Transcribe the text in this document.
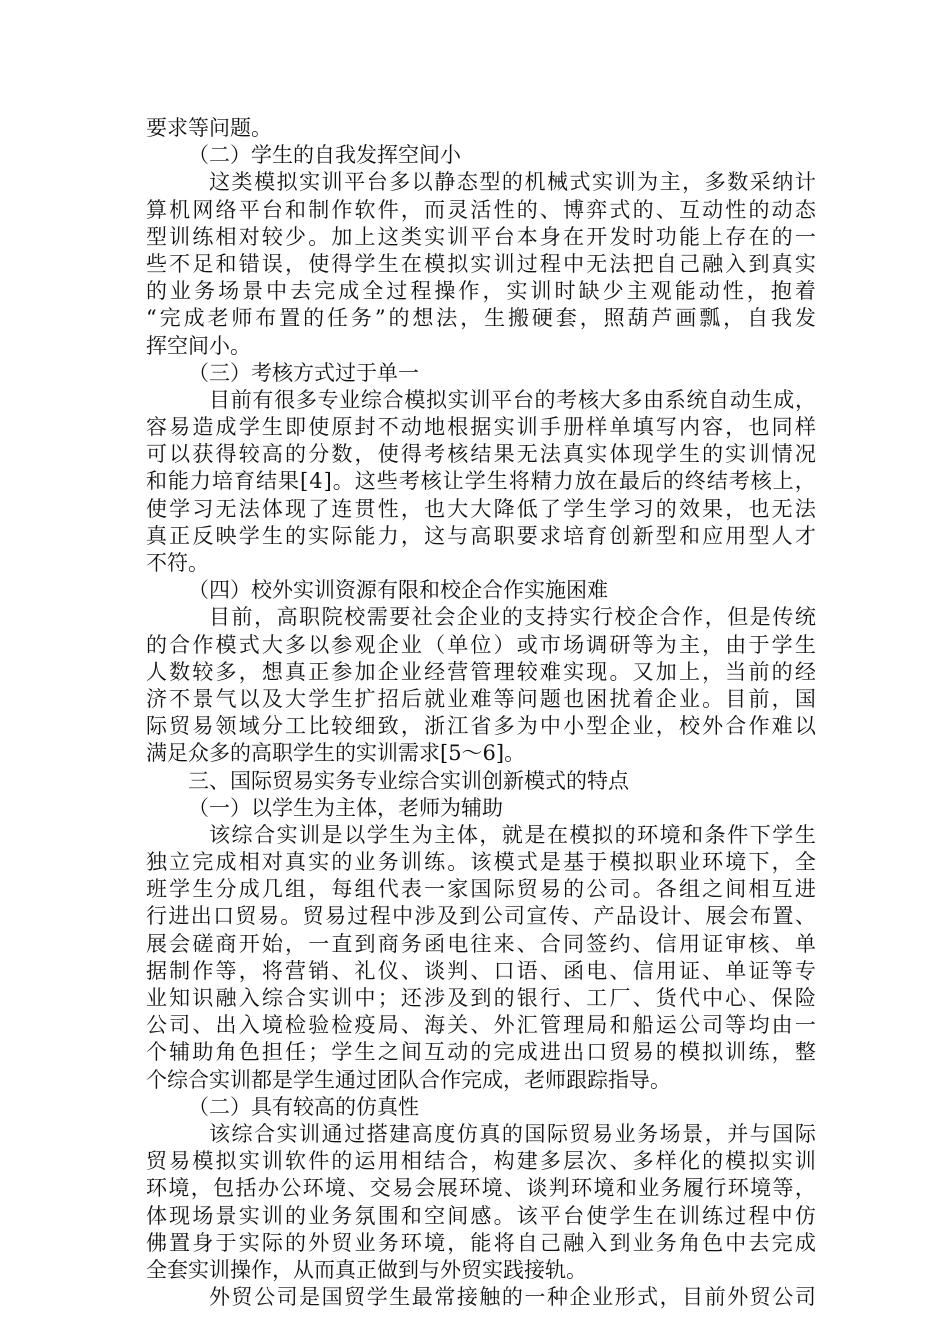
要求等问题。
（二）学生的自我发挥空间小
这 类 模 拟 实 训 平 台 多 以 静 态 型 的 机 械 式 实 训 为 主 ， 多 数 采 纳 计
算 机 网 络 平 台 和 制 作 软 件 ， 而 灵 活 性 的 、 博 弈 式 的 、 互 动 性 的 动 态
型 训 练 相 对 较 少 。 加 上 这 类 实 训 平 台 本 身 在 开 发 时 功 能 上 存 在 的 一
些 不 足 和 错 误 ， 使 得 学 生 在 模 拟 实 训 过 程 中 无 法 把 自 己 融 入 到 真 实
的 业 务 场 景 中 去 完 成 全 过 程 操 作 ， 实 训 时 缺 少 主 观 能 动 性 ， 抱 着
“ 完 成 老 师 布 置 的 任 务 ” 的 想 法 ， 生 搬 硬 套 ， 照 葫 芦 画 瓢 ， 自 我 发
挥空间小。
（三）考核方式过于单一
目 前 有 很 多 专 业 综 合 模 拟 实 训 平 台 的 考 核 大 多 由 系 统 自 动 生 成 ，
容 易 造 成 学 生 即 使 原 封 不 动 地 根 据 实 训 手 册 样 单 填 写 内 容 ， 也 同 样
可 以 获 得 较 高 的 分 数 ， 使 得 考 核 结 果 无 法 真 实 体 现 学 生 的 实 训 情 况
和 能 力 培 育 结 果 [ 4 ] 。 这 些 考 核 让 学 生 将 精 力 放 在 最 后 的 终 结 考 核 上 ，
使 学 习 无 法 体 现 了 连 贯 性 ， 也 大 大 降 低 了 学 生 学 习 的 效 果 ， 也 无 法
真 正 反 映 学 生 的 实 际 能 力 ， 这 与 高 职 要 求 培 育 创 新 型 和 应 用 型 人 才
不符。
（四）校外实训资源有限和校企合作实施困难
目 前 ， 高 职 院 校 需 要 社 会 企 业 的 支 持 实 行 校 企 合 作 ， 但 是 传 统
的 合 作 模 式 大 多 以 参 观 企 业 （ 单 位 ） 或 市 场 调 研 等 为 主 ， 由 于 学 生
人 数 较 多 ， 想 真 正 参 加 企 业 经 营 管 理 较 难 实 现 。 又 加 上 ， 当 前 的 经
济 不 景 气 以 及 大 学 生 扩 招 后 就 业 难 等 问 题 也 困 扰 着 企 业 。 目 前 ， 国
际 贸 易 领 域 分 工 比 较 细 致 ， 浙 江 省 多 为 中 小 型 企 业 ， 校 外 合 作 难 以
满足众多的高职学生的实训需求[5～6]。
三、国际贸易实务专业综合实训创新模式的特点
（一）以学生为主体，老师为辅助
该 综 合 实 训 是 以 学 生 为 主 体 ， 就 是 在 模 拟 的 环 境 和 条 件 下 学 生
独 立 完 成 相 对 真 实 的 业 务 训 练 。 该 模 式 是 基 于 模 拟 职 业 环 境 下 ， 全
班 学 生 分 成 几 组 ， 每 组 代 表 一 家 国 际 贸 易 的 公 司 。 各 组 之 间 相 互 进
行 进 出 口 贸 易 。 贸 易 过 程 中 涉 及 到 公 司 宣 传 、 产 品 设 计 、 展 会 布 置 、
展 会 磋 商 开 始 ， 一 直 到 商 务 函 电 往 来 、 合 同 签 约 、 信 用 证 审 核 、 单
据 制 作 等 ， 将 营 销 、 礼 仪 、 谈 判 、 口 语 、 函 电 、 信 用 证 、 单 证 等 专
业 知 识 融 入 综 合 实 训 中 ； 还 涉 及 到 的 银 行 、 工 厂 、 货 代 中 心 、 保 险
公 司 、 出 入 境 检 验 检 疫 局 、 海 关 、 外 汇 管 理 局 和 船 运 公 司 等 均 由 一
个 辅 助 角 色 担 任 ； 学 生 之 间 互 动 的 完 成 进 出 口 贸 易 的 模 拟 训 练 ， 整
个综合实训都是学生通过团队合作完成，老师跟踪指导。
（二）具有较高的仿真性
该 综 合 实 训 通 过 搭 建 高 度 仿 真 的 国 际 贸 易 业 务 场 景 ， 并 与 国 际
贸 易 模 拟 实 训 软 件 的 运 用 相 结 合 ， 构 建 多 层 次 、 多 样 化 的 模 拟 实 训
环 境 ， 包 括 办 公 环 境 、 交 易 会 展 环 境 、 谈 判 环 境 和 业 务 履 行 环 境 等 ，
体 现 场 景 实 训 的 业 务 氛 围 和 空 间 感 。 该 平 台 使 学 生 在 训 练 过 程 中 仿
佛 置 身 于 实 际 的 外 贸 业 务 环 境 ， 能 将 自 己 融 入 到 业 务 角 色 中 去 完 成
全套实训操作，从而真正做到与外贸实践接轨。
外 贸 公 司 是 国 贸 学 生 最 常 接 触 的 一 种 企 业 形 式 ， 目 前 外 贸 公 司
